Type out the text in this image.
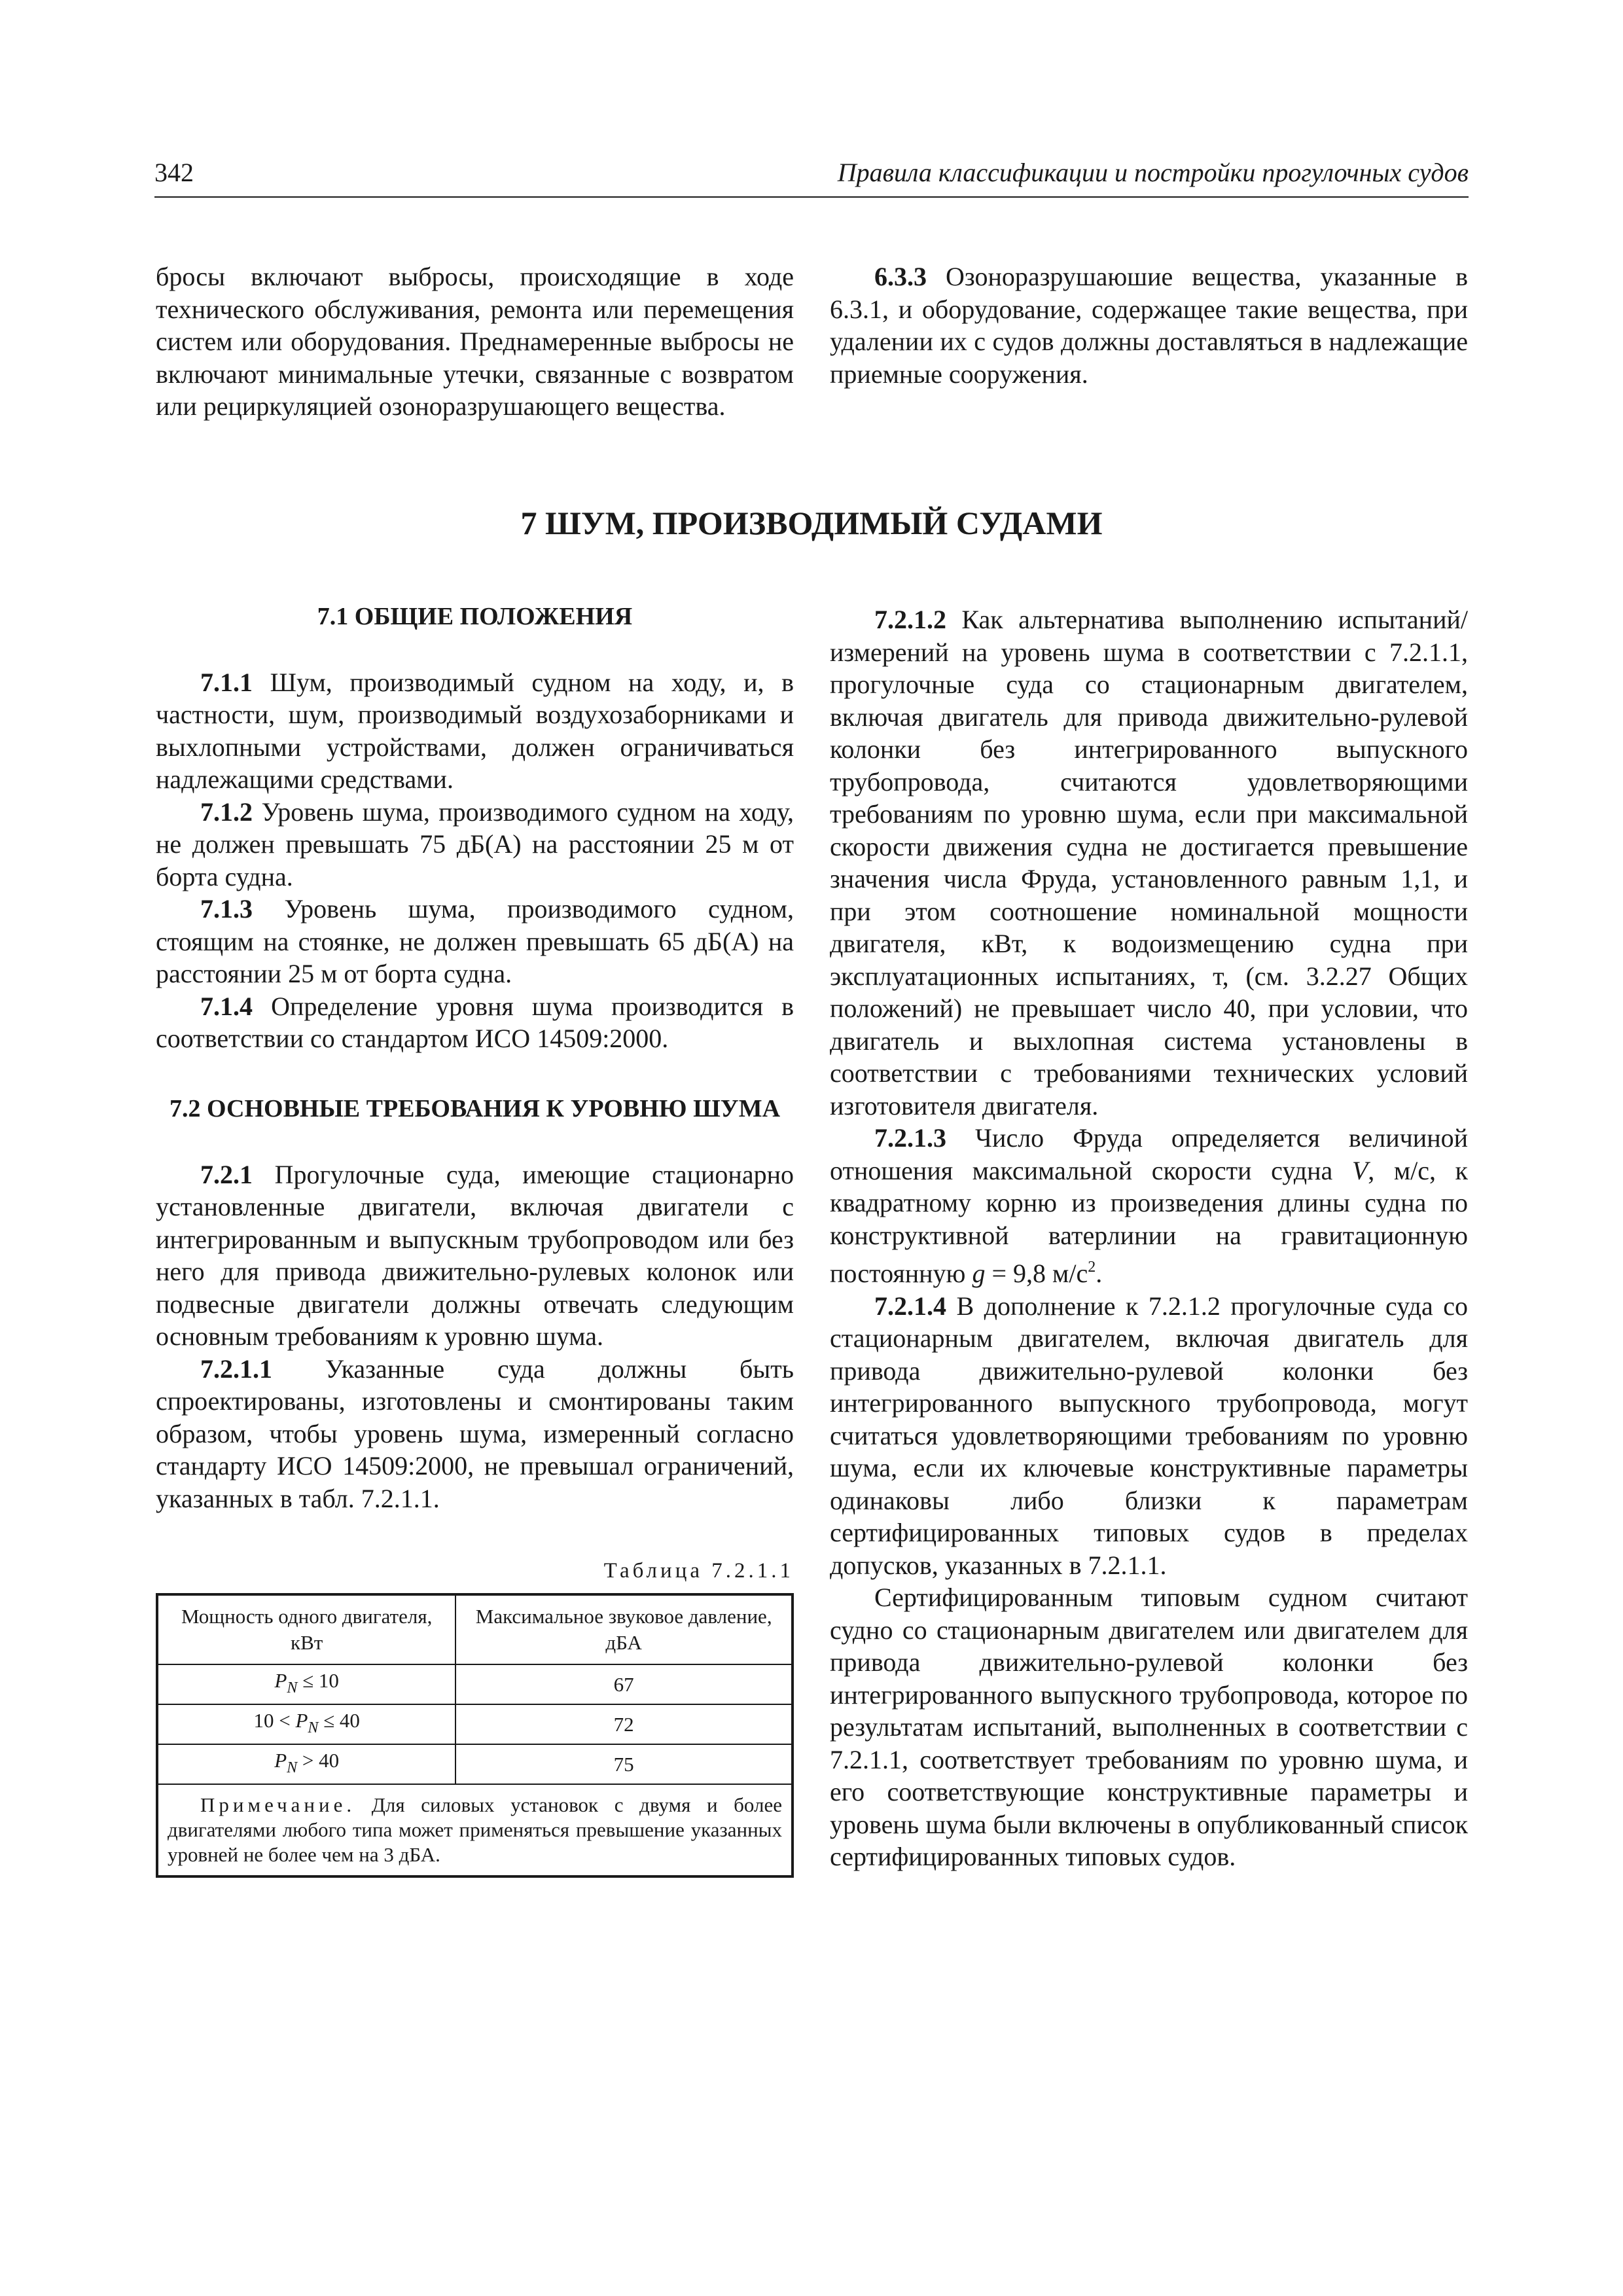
342	Правила классификации и постройки прогулочных судов

бросы включают выбросы, происходящие в ходе технического обслуживания, ремонта или перемещения систем или оборудования. Преднамеренные выбросы не включают минимальные утечки, связанные с возвратом или рециркуляцией озоноразрушающего вещества.

6.3.3 Озоноразрушаюшие вещества, указанные в 6.3.1, и оборудование, содержащее такие вещества, при удалении их с судов должны доставляться в надлежащие приемные сооружения.

7 ШУМ, ПРОИЗВОДИМЫЙ СУДАМИ

7.1 ОБЩИЕ ПОЛОЖЕНИЯ

7.1.1 Шум, производимый судном на ходу, и, в частности, шум, производимый воздухозаборниками и выхлопными устройствами, должен ограничиваться надлежащими средствами.

7.1.2 Уровень шума, производимого судном на ходу, не должен превышать 75 дБ(А) на расстоянии 25 м от борта судна.

7.1.3 Уровень шума, производимого судном, стоящим на стоянке, не должен превышать 65 дБ(А) на расстоянии 25 м от борта судна.

7.1.4 Определение уровня шума производится в соответствии со стандартом ИСО 14509:2000.

7.2 ОСНОВНЫЕ ТРЕБОВАНИЯ К УРОВНЮ ШУМА

7.2.1 Прогулочные суда, имеющие стационарно установленные двигатели, включая двигатели с интегрированным и выпускным трубопроводом или без него для привода движительно-рулевых колонок или подвесные двигатели должны отвечать следующим основным требованиям к уровню шума.

7.2.1.1 Указанные суда должны быть спроектированы, изготовлены и смонтированы таким образом, чтобы уровень шума, измеренный согласно стандарту ИСО 14509:2000, не превышал ограничений, указанных в табл. 7.2.1.1.

Таблица 7.2.1.1

Мощность одного двигателя, кВт	Максимальное звуковое давление, дБА
$P_N \le 10$	67
$10 < P_N \le 40$	72
$P_N > 40$	75
Примечание. Для силовых установок с двумя и более двигателями любого типа может применяться превышение указанных уровней не более чем на 3 дБА.	

7.2.1.2 Как альтернатива выполнению испытаний/измерений на уровень шума в соответствии с 7.2.1.1, прогулочные суда со стационарным двигателем, включая двигатель для привода движительно-рулевой колонки без интегрированного выпускного трубопровода, считаются удовлетворяющими требованиям по уровню шума, если при максимальной скорости движения судна не достигается превышение значения числа Фруда, установленного равным 1,1, и при этом соотношение номинальной мощности двигателя, кВт, к водоизмещению судна при эксплуатационных испытаниях, т, (см. 3.2.27 Общих положений) не превышает число 40, при условии, что двигатель и выхлопная система установлены в соответствии с требованиями технических условий изготовителя двигателя.

7.2.1.3 Число Фруда определяется величиной отношения максимальной скорости судна V, м/с, к квадратному корню из произведения длины судна по конструктивной ватерлинии на гравитационную постоянную g = 9,8 $м/с^2$.

7.2.1.4 В дополнение к 7.2.1.2 прогулочные суда со стационарным двигателем, включая двигатель для привода движительно-рулевой колонки без интегрированного выпускного трубопровода, могут считаться удовлетворяющими требованиям по уровню шума, если их ключевые конструктивные параметры одинаковы либо близки к параметрам сертифицированных типовых судов в пределах допусков, указанных в 7.2.1.1.

Сертифицированным типовым судном считают судно со стационарным двигателем или двигателем для привода движительно-рулевой колонки без интегрированного выпускного трубопровода, которое по результатам испытаний, выполненных в соответствии с 7.2.1.1, соответствует требованиям по уровню шума, и его соответствующие конструктивные параметры и уровень шума были включены в опубликованный список сертифицированных типовых судов.
